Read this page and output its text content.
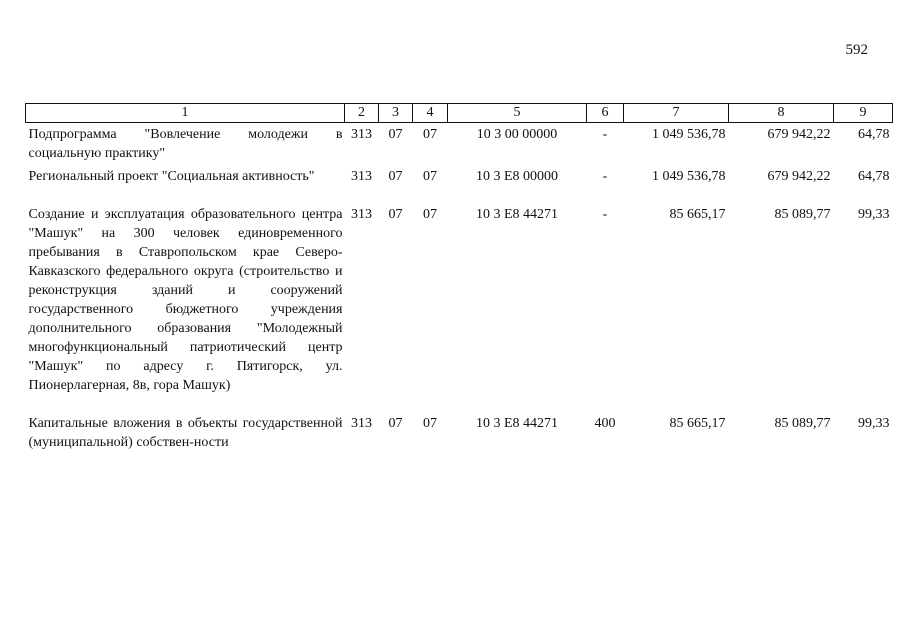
592
1	2	3	4	5	6	7	8	9
Подпрограмма "Вовлечение молодежи в социальную практику"	313	07	07	10 3 00 00000	-	1 049 536,78	679 942,22	64,78
Региональный проект "Социальная активность"	313	07	07	10 3 E8 00000	-	1 049 536,78	679 942,22	64,78
Создание и эксплуатация образовательного центра "Машук" на 300 человек единовременного пребывания в Ставропольском крае Северо-Кавказского федерального округа (строительство и реконструкция зданий и сооружений государственного бюджетного учреждения дополнительного образования "Молодежный многофункциональный патриотический центр "Машук" по адресу г. Пятигорск, ул. Пионерлагерная, 8в, гора Машук)	313	07	07	10 3 E8 44271	-	85 665,17	85 089,77	99,33
Капитальные вложения в объекты государственной (муниципальной) собствен-ности	313	07	07	10 3 E8 44271	400	85 665,17	85 089,77	99,33
